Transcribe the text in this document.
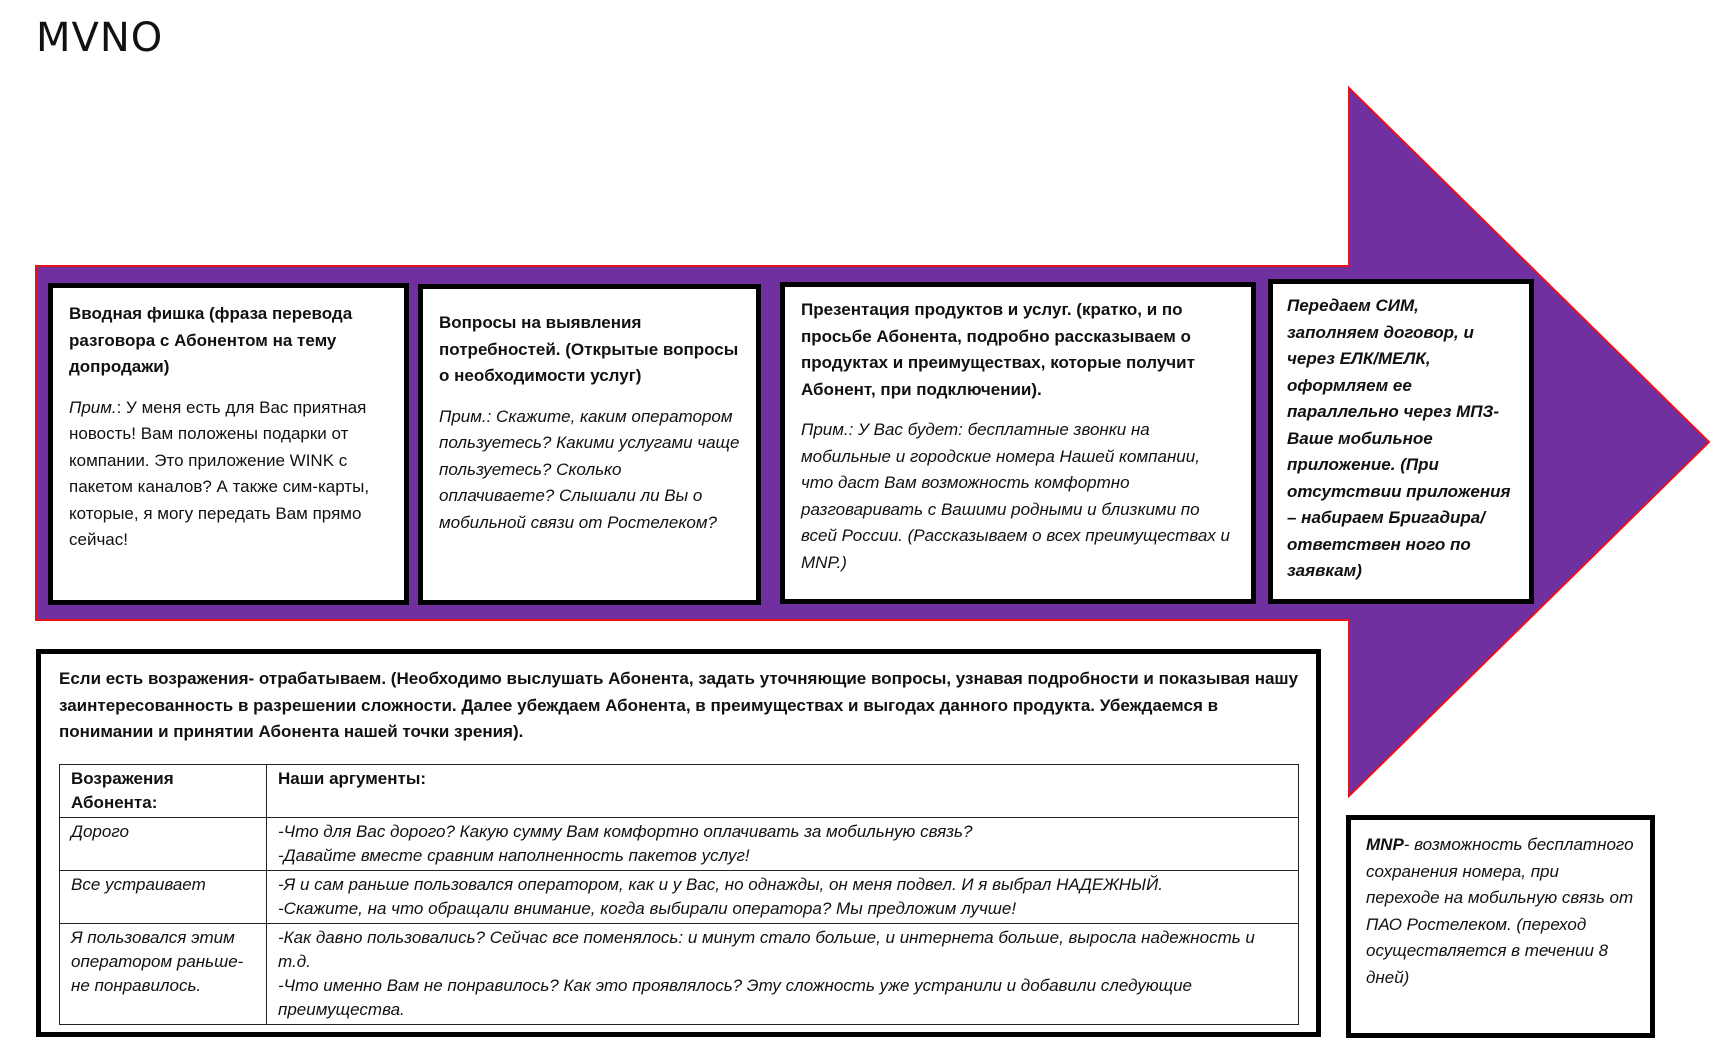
MVNO

Вводная фишка (фраза перевода разговора с Абонентом на тему допродажи)

Прим.: У меня есть для Вас приятная новость! Вам положены подарки от компании. Это приложение WINK с пакетом каналов? А также сим-карты, которые, я могу передать Вам прямо сейчас!

Вопросы на выявления потребностей. (Открытые вопросы о необходимости услуг)

Прим.: Скажите, каким оператором пользуетесь? Какими услугами чаще пользуетесь? Сколько оплачиваете? Слышали ли Вы о мобильной связи от Ростелеком?

Презентация продуктов и услуг. (кратко, и по просьбе Абонента, подробно рассказываем о продуктах и преимуществах, которые получит Абонент, при подключении).

Прим.: У Вас будет: бесплатные звонки на мобильные и городские номера Нашей компании, что даст Вам возможность комфортно разговаривать с Вашими родными и близкими по всей России. (Рассказываем о всех преимуществах и MNP.)

Передаем СИМ, заполняем договор, и через ЕЛК/МЕЛК, оформляем ее параллельно через МПЗ-Ваше мобильное приложение. (При отсутствии приложения – набираем Бригадира/ответствен ного по заявкам)

Если есть возражения- отрабатываем. (Необходимо выслушать Абонента, задать уточняющие вопросы, узнавая подробности и показывая нашу заинтересованность в разрешении сложности. Далее убеждаем Абонента, в преимуществах и выгодах данного продукта. Убеждаемся в понимании и принятии Абонента нашей точки зрения).

Возражения Абонента:	Наши аргументы:
Дорого	-Что для Вас дорого? Какую сумму Вам комфортно оплачивать за мобильную связь?
-Давайте вместе сравним наполненность пакетов услуг!

Все устраивает	-Я и сам раньше пользовался оператором, как и у Вас, но однажды, он меня подвел. И я выбрал НАДЕЖНЫЙ.
-Скажите, на что обращали внимание, когда выбирали оператора? Мы предложим лучше!

Я пользовался этим оператором раньше- не понравилось.	-Как давно пользовались? Сейчас все поменялось: и минут стало больше, и интернета больше, выросла надежность и т.д.
-Что именно Вам не понравилось? Как это проявлялось? Эту сложность уже устранили и добавили следующие преимущества.

MNP- возможность бесплатного сохранения номера, при переходе на мобильную связь от ПАО Ростелеком. (переход осуществляется в течении 8 дней)
